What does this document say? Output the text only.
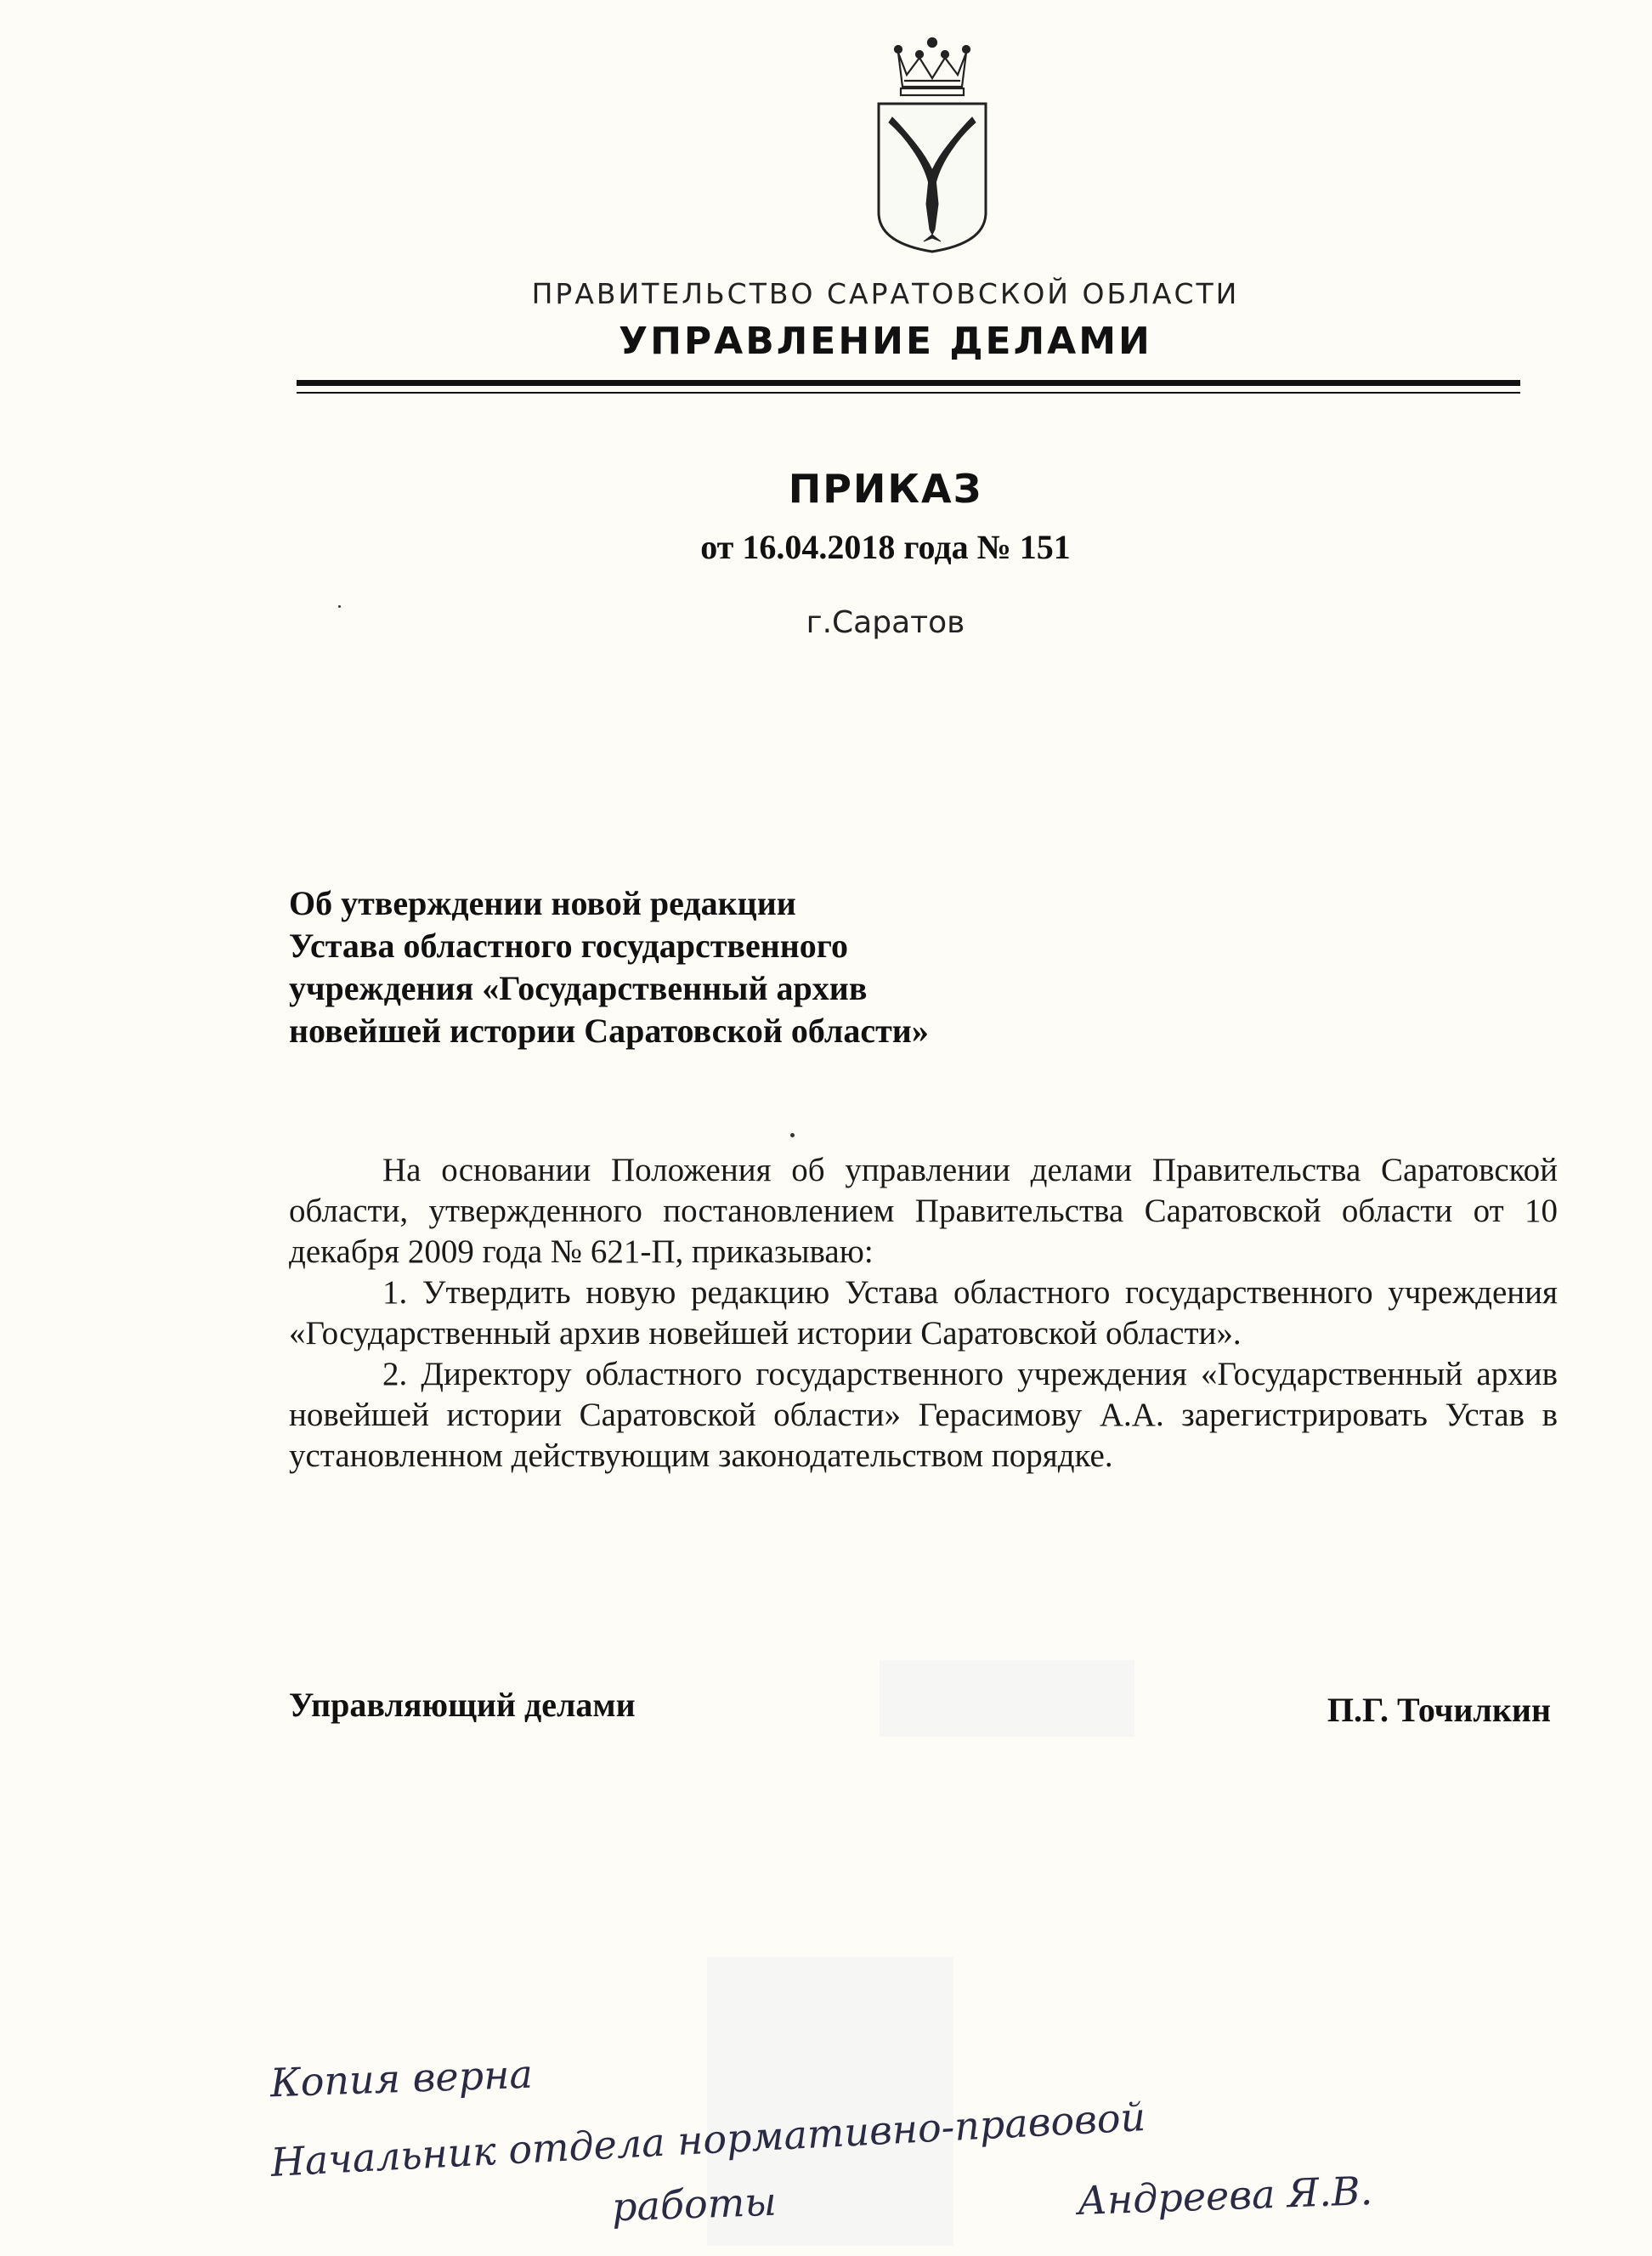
ПРАВИТЕЛЬСТВО САРАТОВСКОЙ ОБЛАСТИ
УПРАВЛЕНИЕ ДЕЛАМИ
ПРИКАЗ
от 16.04.2018 года № 151
г.Саратов
Об утверждении новой редакции
Устава областного государственного
учреждения «Государственный архив
новейшей истории Саратовской области»

На основании Положения об управлении делами Правительства Саратовской области, утвержденного постановлением Правительства Саратовской области от 10 декабря 2009 года № 621-П, приказываю:

1. Утвердить новую редакцию Устава областного государственного учреждения «Государственный архив новейшей истории Саратовской области».

2. Директору областного государственного учреждения «Государственный архив новейшей истории Саратовской области» Герасимову А.А. зарегистрировать Устав в установленном действующим законодательством порядке.

Управляющий делами	П.Г. Точилкин
Копия верна
Начальник отдела нормативно-правовой
работы	Андреева Я.В.
